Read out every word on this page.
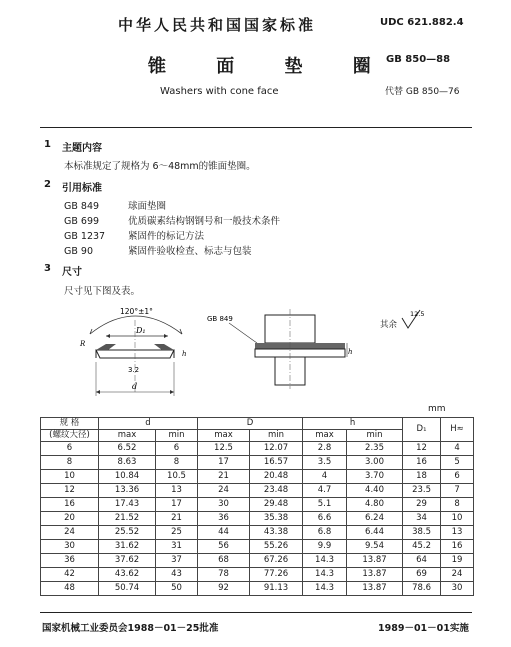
中华人民共和国国家标准	UDC 621.882.4
锥 面 垫 圈
GB 850—88
Washers with cone face	代替 GB 850—76
1 主题内容
本标准规定了规格为 6～48mm的锥面垫圈。
2 引用标准
GB 849	球面垫圈
GB 699	优质碳素结构钢钢号和一般技术条件
GB 1237 紧固件的标记方法
GB 90	紧固件验收检查、标志与包装
3 尺寸
尺寸见下图及表。
120°±1°
D₁
3.2
R
h
d
GB 849
h
其余
12.5
mm
规 格	d		D		h		D₁	H≈
(螺纹大径)	max	min	max	min	max	min		
6	6.52	6	12.5	12.07	2.8	2.35	12	4
8	8.63	8	17	16.57	3.5	3.00	16	5
10	10.84	10.5	21	20.48	4	3.70	18	6
12	13.36	13	24	23.48	4.7	4.40	23.5	7
16	17.43	17	30	29.48	5.1	4.80	29	8
20	21.52	21	36	35.38	6.6	6.24	34	10
24	25.52	25	44	43.38	6.8	6.44	38.5	13
30	31.62	31	56	55.26	9.9	9.54	45.2	16
36	37.62	37	68	67.26	14.3	13.87	64	19
42	43.62	43	78	77.26	14.3	13.87	69	24
48	50.74	50	92	91.13	14.3	13.87	78.6	30
国家机械工业委员会1988－01－25批准	1989－01－01实施
